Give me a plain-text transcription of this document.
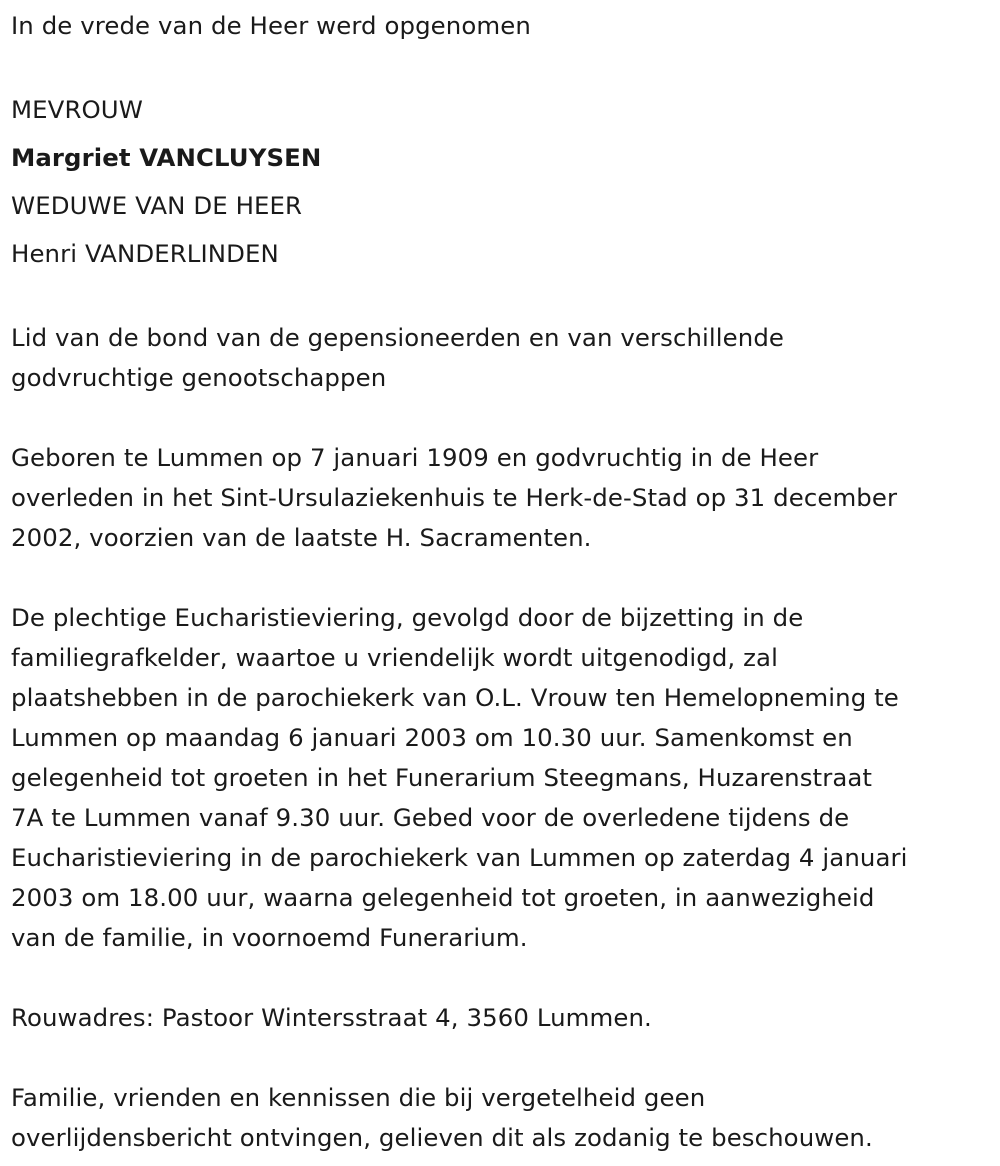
In de vrede van de Heer werd opgenomen
MEVROUW
Margriet VANCLUYSEN
WEDUWE VAN DE HEER
Henri VANDERLINDEN

Lid van de bond van de gepensioneerden en van verschillende
godvruchtige genootschappen

Geboren te Lummen op 7 januari 1909 en godvruchtig in de Heer
overleden in het Sint-Ursulaziekenhuis te Herk-de-Stad op 31 december
2002, voorzien van de laatste H. Sacramenten.

De plechtige Eucharistieviering, gevolgd door de bijzetting in de
familiegrafkelder, waartoe u vriendelijk wordt uitgenodigd, zal
plaatshebben in de parochiekerk van O.L. Vrouw ten Hemelopneming te
Lummen op maandag 6 januari 2003 om 10.30 uur. Samenkomst en
gelegenheid tot groeten in het Funerarium Steegmans, Huzarenstraat
7A te Lummen vanaf 9.30 uur. Gebed voor de overledene tijdens de
Eucharistieviering in de parochiekerk van Lummen op zaterdag 4 januari
2003 om 18.00 uur, waarna gelegenheid tot groeten, in aanwezigheid
van de familie, in voornoemd Funerarium.

Rouwadres: Pastoor Wintersstraat 4, 3560 Lummen.

Familie, vrienden en kennissen die bij vergetelheid geen
overlijdensbericht ontvingen, gelieven dit als zodanig te beschouwen.
